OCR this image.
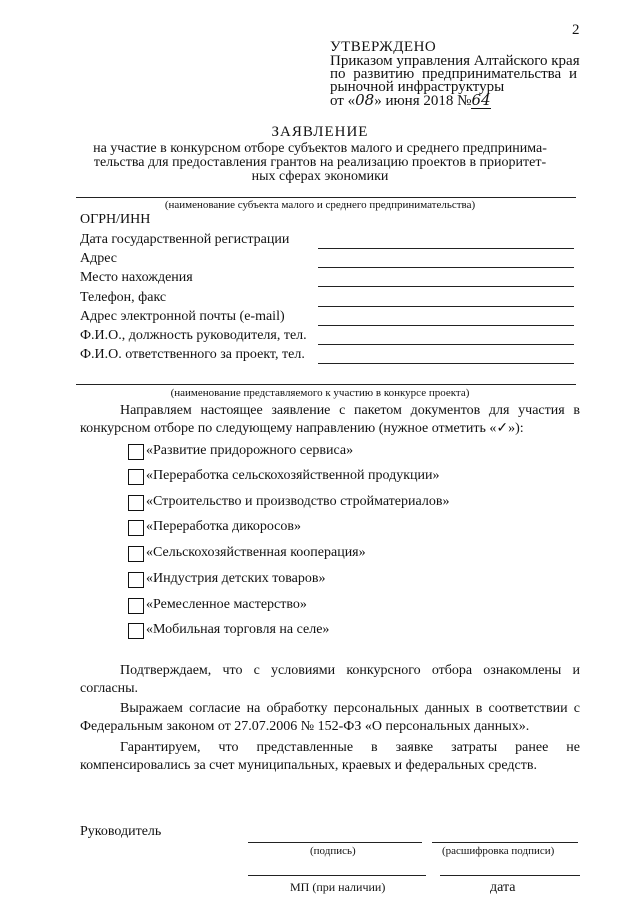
2
УТВЕРЖДЕНО
Приказом управления Алтайского края
по развитию предпринимательства и
рыночной инфраструктуры
от «08» июня 2018 №64
ЗАЯВЛЕНИЕ
на участие в конкурсном отборе субъектов малого и среднего предпринима-
тельства для предоставления грантов на реализацию проектов в приоритет-
ных сферах экономики
(наименование субъекта малого и среднего предпринимательства)
ОГРН/ИНН
Дата государственной регистрации
Адрес
Место нахождения
Телефон, факс
Адрес электронной почты (e-mail)
Ф.И.О., должность руководителя, тел.
Ф.И.О. ответственного за проект, тел.
(наименование представляемого к участию в конкурсе проекта)
Направляем настоящее заявление с пакетом документов для участия в конкурсном отборе по следующему направлению (нужное отметить «✓»):
«Развитие придорожного сервиса»
«Переработка сельскохозяйственной продукции»
«Строительство и производство стройматериалов»
«Переработка дикоросов»
«Сельскохозяйственная кооперация»
«Индустрия детских товаров»
«Ремесленное мастерство»
«Мобильная торговля на селе»
Подтверждаем, что с условиями конкурсного отбора ознакомлены и согласны.
Выражаем согласие на обработку персональных данных в соответствии с Федеральным законом от 27.07.2006 № 152-ФЗ «О персональных данных».
Гарантируем, что представленные в заявке затраты ранее не компенсировались за счет муниципальных, краевых и федеральных средств.
Руководитель
(подпись)	(расшифровка подписи)
МП (при наличии)	дата
